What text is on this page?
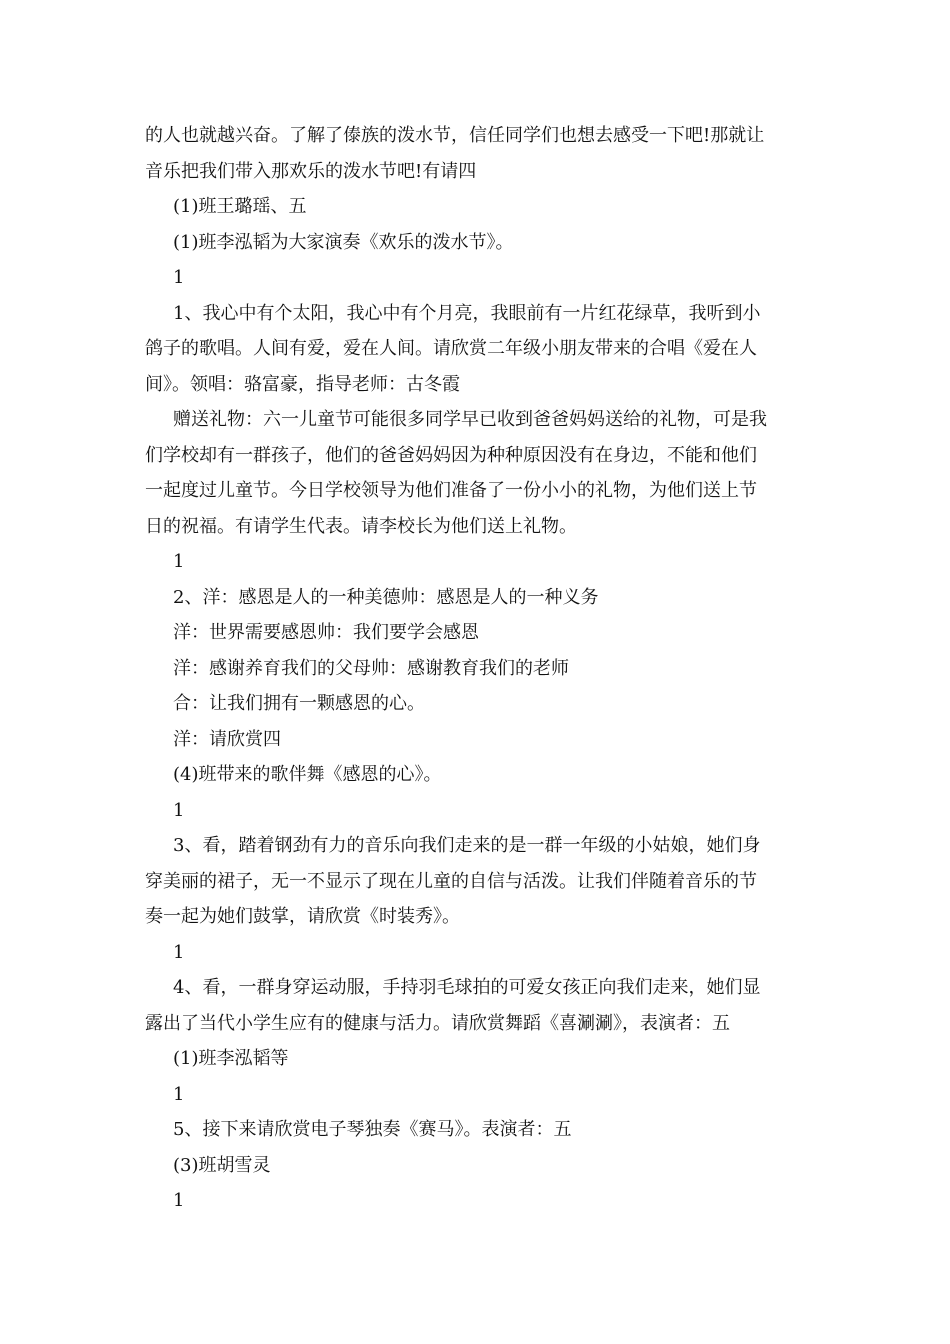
的人也就越兴奋。了解了傣族的泼水节，信任同学们也想去感受一下吧!那就让

音乐把我们带入那欢乐的泼水节吧!有请四

(1)班王璐瑶、五

(1)班李泓韬为大家演奏《欢乐的泼水节》。

1

1、我心中有个太阳，我心中有个月亮，我眼前有一片红花绿草，我听到小

鸽子的歌唱。人间有爱，爱在人间。请欣赏二年级小朋友带来的合唱《爱在人

间》。领唱：骆富豪，指导老师：古冬霞

赠送礼物：六一儿童节可能很多同学早已收到爸爸妈妈送给的礼物，可是我

们学校却有一群孩子，他们的爸爸妈妈因为种种原因没有在身边，不能和他们

一起度过儿童节。今日学校领导为他们准备了一份小小的礼物，为他们送上节

日的祝福。有请学生代表。请李校长为他们送上礼物。

1

2、洋：感恩是人的一种美德帅：感恩是人的一种义务

洋：世界需要感恩帅：我们要学会感恩

洋：感谢养育我们的父母帅：感谢教育我们的老师

合：让我们拥有一颗感恩的心。

洋：请欣赏四

(4)班带来的歌伴舞《感恩的心》。

1

3、看，踏着钢劲有力的音乐向我们走来的是一群一年级的小姑娘，她们身

穿美丽的裙子，无一不显示了现在儿童的自信与活泼。让我们伴随着音乐的节

奏一起为她们鼓掌，请欣赏《时装秀》。

1

4、看，一群身穿运动服，手持羽毛球拍的可爱女孩正向我们走来，她们显

露出了当代小学生应有的健康与活力。请欣赏舞蹈《喜涮涮》，表演者：五

(1)班李泓韬等

1

5、接下来请欣赏电子琴独奏《赛马》。表演者：五

(3)班胡雪灵

1
